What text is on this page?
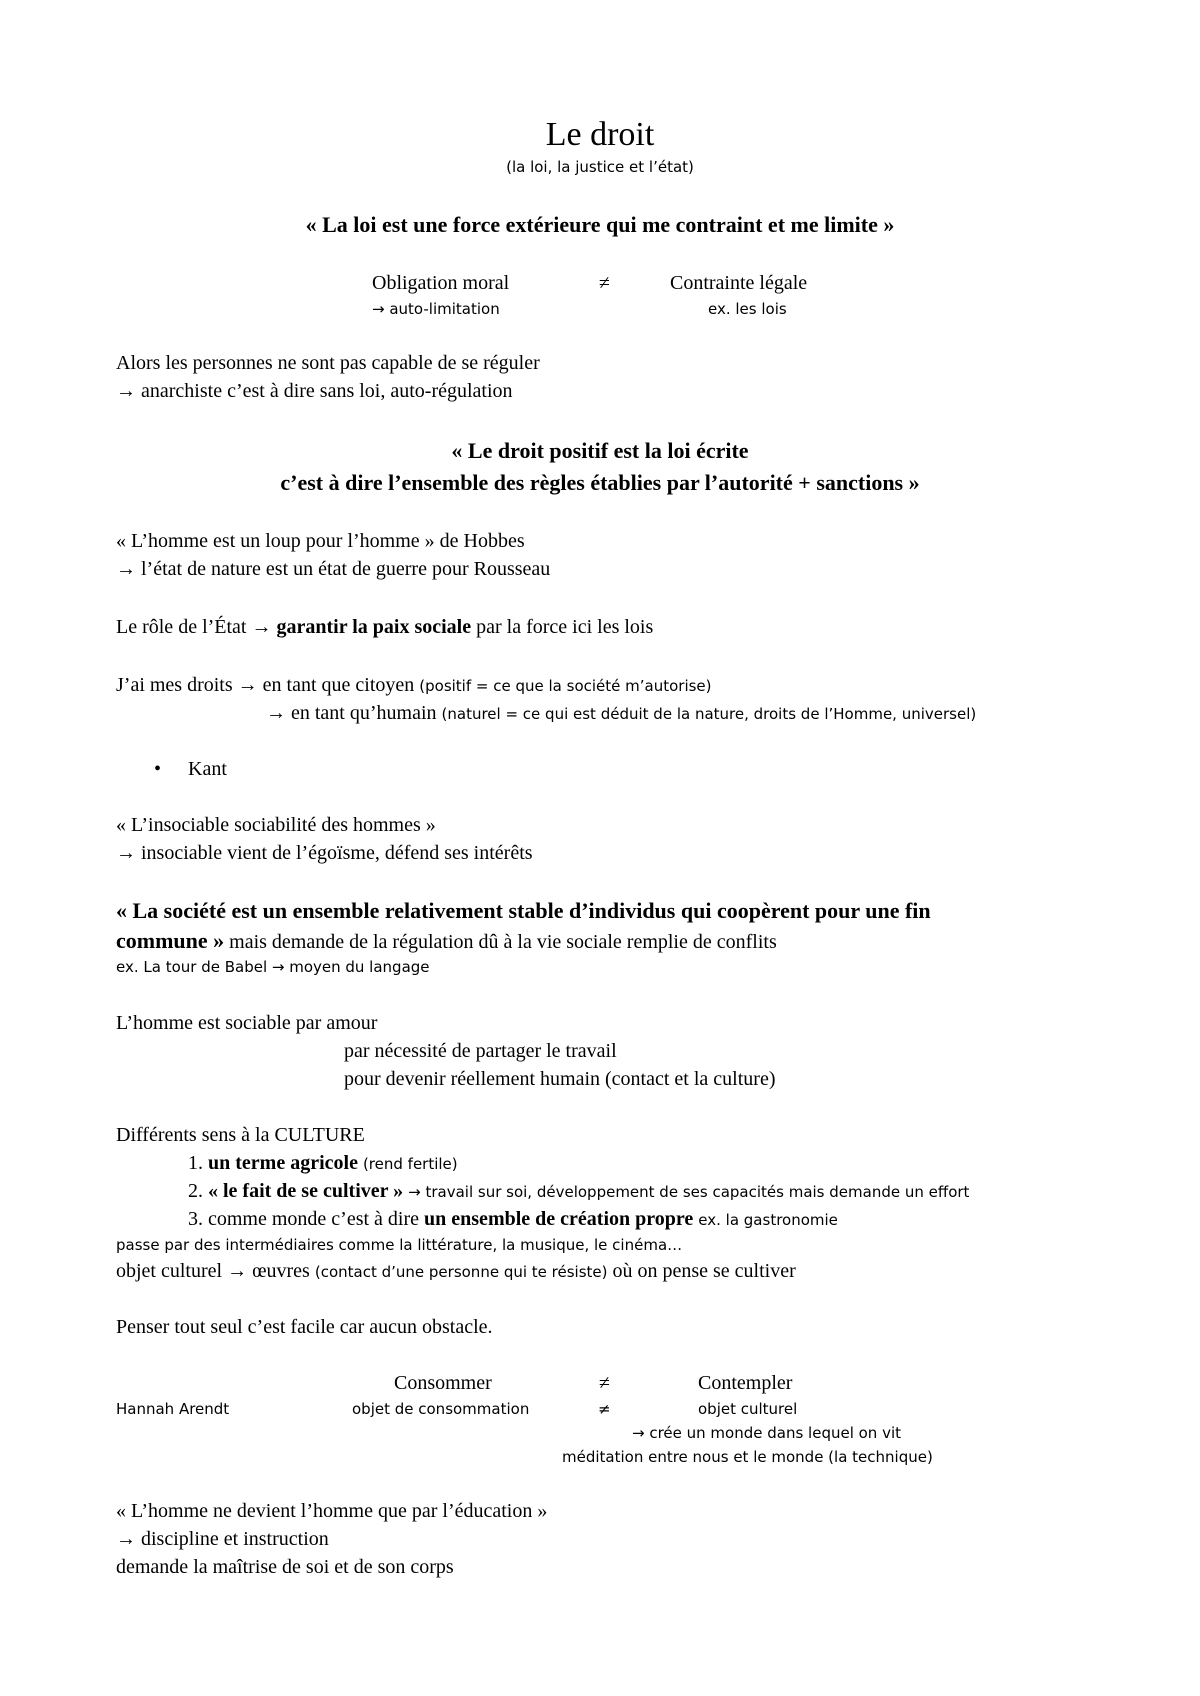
Le droit
(la loi, la justice et l’état)
« La loi est une force extérieure qui me contraint et me limite »
Obligation moral	≠	Contrainte légale
→ auto-limitation	ex. les lois
Alors les personnes ne sont pas capable de se réguler
→ anarchiste c’est à dire sans loi, auto-régulation
« Le droit positif est la loi écrite
c’est à dire l’ensemble des règles établies par l’autorité + sanctions »
« L’homme est un loup pour l’homme » de Hobbes
→ l’état de nature est un état de guerre pour Rousseau
Le rôle de l’État → garantir la paix sociale par la force ici les lois
J’ai mes droits → en tant que citoyen (positif = ce que la société m’autorise)
→ en tant qu’humain (naturel = ce qui est déduit de la nature, droits de l’Homme, universel)
• Kant
« L’insociable sociabilité des hommes »
→ insociable vient de l’égoïsme, défend ses intérêts
« La société est un ensemble relativement stable d’individus qui coopèrent pour une fin
commune » mais demande de la régulation dû à la vie sociale remplie de conflits
ex. La tour de Babel → moyen du langage
L’homme est sociable par amour
par nécessité de partager le travail
pour devenir réellement humain (contact et la culture)
Différents sens à la CULTURE
1. un terme agricole (rend fertile)
2. « le fait de se cultiver » → travail sur soi, développement de ses capacités mais demande un effort
3. comme monde c’est à dire un ensemble de création propre ex. la gastronomie
passe par des intermédiaires comme la littérature, la musique, le cinéma…
objet culturel → œuvres (contact d’une personne qui te résiste) où on pense se cultiver
Penser tout seul c’est facile car aucun obstacle.
Consommer	≠	Contempler
Hannah Arendt	objet de consommation	≠	objet culturel
→ crée un monde dans lequel on vit
méditation entre nous et le monde (la technique)
« L’homme ne devient l’homme que par l’éducation »
→ discipline et instruction
demande la maîtrise de soi et de son corps
